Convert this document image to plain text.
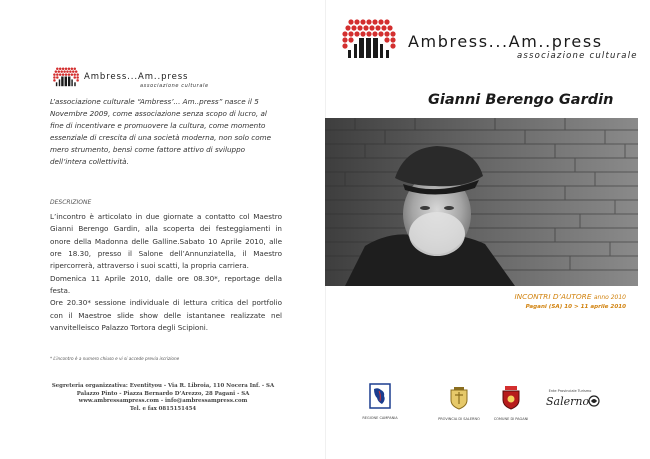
Ambress...Am..press
associazione culturale
Ambress...Am..press
associazione culturale
L’associazione culturale “Ambress’... Am..press” nasce il 5 Novembre 2009, come associazione senza scopo di lucro, al fine di incentivare e promuovere la cultura, come momento essenziale di crescita di una società moderna, non solo come mero strumento, bensì come fattore attivo di sviluppo dell’intera collettività.
DESCRIZIONE

L’incontro è articolato in due giornate a contatto col Maestro Gianni Berengo Gardin, alla scoperta dei festeggiamenti in onore della Madonna delle Galline.Sabato 10 Aprile 2010, alle ore 18.30, presso il Salone dell’Annunziatella, il Maestro ripercorrerà, attraverso i suoi scatti, la propria carriera.

Domenica 11 Aprile 2010, dalle ore 08.30*, reportage della festa.

Ore 20.30* sessione individuale di lettura critica del portfolio con il Maestroe slide show delle istantanee realizzate nel vanvitelleisco Palazzo Tortora degli Scipioni.

* L’incontro è a numero chiuso e vi si accede previa iscrizione
Segreteria organizzativa: Eventityou - Via R. Libroia, 110 Nocera Inf. - SA
Palazzo Pinto - Piazza Bernardo D’Arezzo, 28 Pagani - SA
www.ambressampress.com - info@ambressampress.com
Tel. e fax 0815151454
Gianni Berengo Gardin
INCONTRI D’AUTORE anno 2010
Pagani (SA) 10 > 11 aprile 2010
REGIONE CAMPANIA	PROVINCIA DI SALERNO	COMUNE DI PAGANI
Ente Provinciale Turismo
Salerno
